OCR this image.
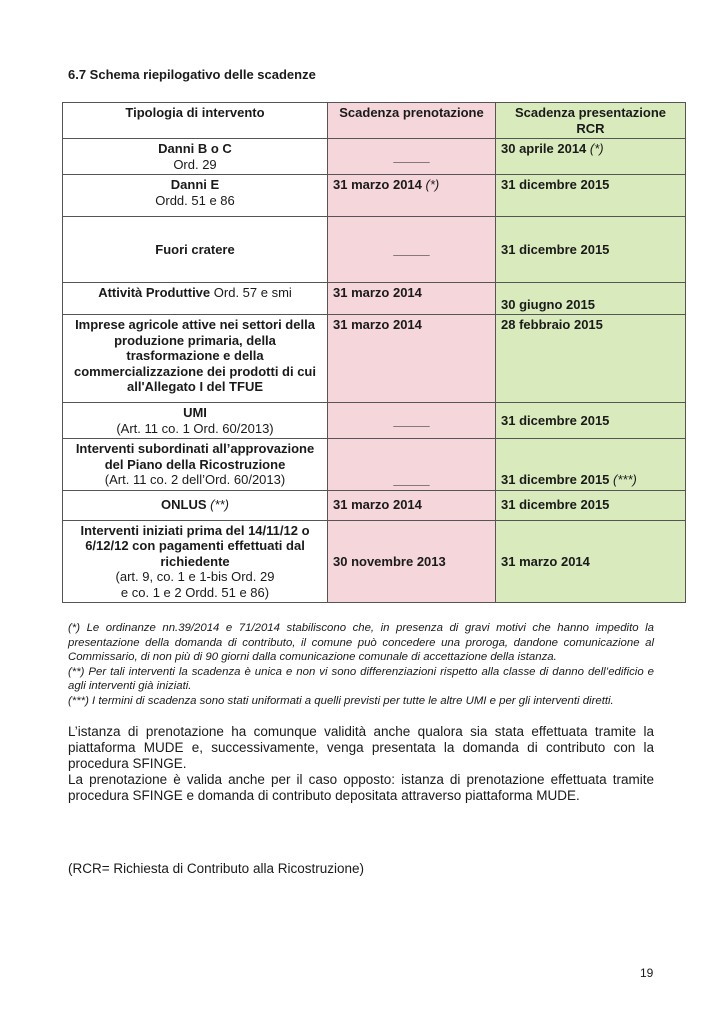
6.7 Schema riepilogativo delle scadenze
Tipologia di intervento	Scadenza prenotazione	Scadenza presentazione RCR

Danni B o C
Ord. 29	_____	30 aprile 2014 (*)

Danni E
Ordd. 51 e 86	31 marzo 2014 (*)	31 dicembre 2015

Fuori cratere	_____	31 dicembre 2015
Attività Produttive Ord. 57 e smi	31 marzo 2014	30 giugno 2015

Imprese agricole attive nei settori della produzione primaria, della trasformazione e della commercializzazione dei prodotti di cui all'Allegato I del TFUE	31 marzo 2014	28 febbraio 2015

UMI
(Art. 11 co. 1 Ord. 60/2013)	_____	31 dicembre 2015

Interventi subordinati all’approvazione del Piano della Ricostruzione
(Art. 11 co. 2 dell’Ord. 60/2013)	_____	31 dicembre 2015 (***)
ONLUS (**)	31 marzo 2014	31 dicembre 2015

Interventi iniziati prima del 14/11/12 o 6/12/12 con pagamenti effettuati dal richiedente
(art. 9, co. 1 e 1-bis Ord. 29
e co. 1 e 2 Ordd. 51 e 86)	30 novembre 2013	31 marzo 2014

(*) Le ordinanze nn.39/2014 e 71/2014 stabiliscono che, in presenza di gravi motivi che hanno impedito la presentazione della domanda di contributo, il comune può concedere una proroga, dandone comunicazione al Commissario, di non più di 90 giorni dalla comunicazione comunale di accettazione della istanza.

(**) Per tali interventi la scadenza è unica e non vi sono differenziazioni rispetto alla classe di danno dell’edificio e agli interventi già iniziati.

(***) I termini di scadenza sono stati uniformati a quelli previsti per tutte le altre UMI e per gli interventi diretti.

L’istanza di prenotazione ha comunque validità anche qualora sia stata effettuata tramite la piattaforma MUDE e, successivamente, venga presentata la domanda di contributo con la procedura SFINGE.

La prenotazione è valida anche per il caso opposto: istanza di prenotazione effettuata tramite procedura SFINGE e domanda di contributo depositata attraverso piattaforma MUDE.

(RCR= Richiesta di Contributo alla Ricostruzione)
19
